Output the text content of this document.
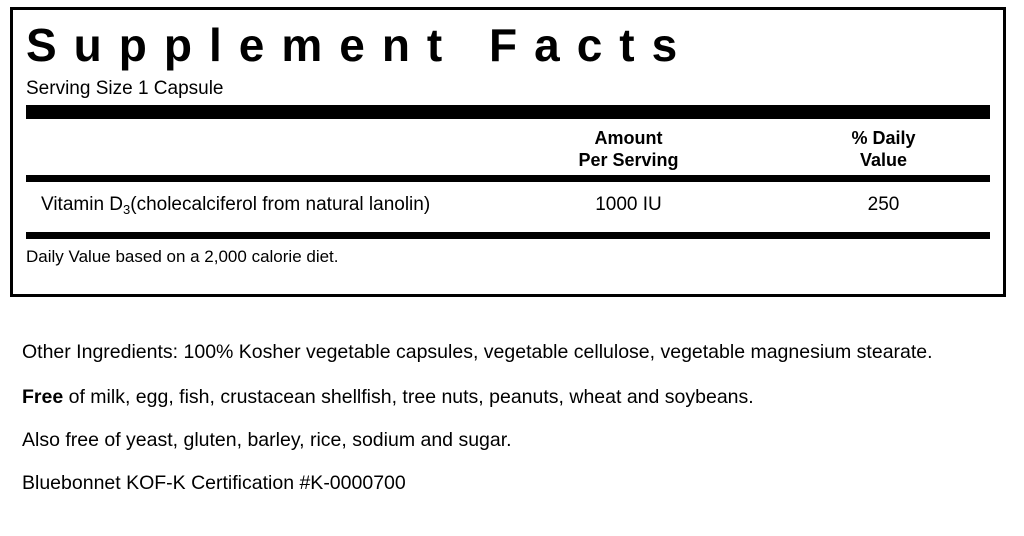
Supplement Facts
Serving Size 1 Capsule
Amount
Per Serving
% Daily
Value
Vitamin $D_3(cholecalciferol$ from natural lanolin)	1000 IU	250
Daily Value based on a 2,000 calorie diet.

Other Ingredients: 100% Kosher vegetable capsules, vegetable cellulose, vegetable magnesium stearate.

Free of milk, egg, fish, crustacean shellfish, tree nuts, peanuts, wheat and soybeans.

Also free of yeast, gluten, barley, rice, sodium and sugar.

Bluebonnet KOF-K Certification #K-0000700
